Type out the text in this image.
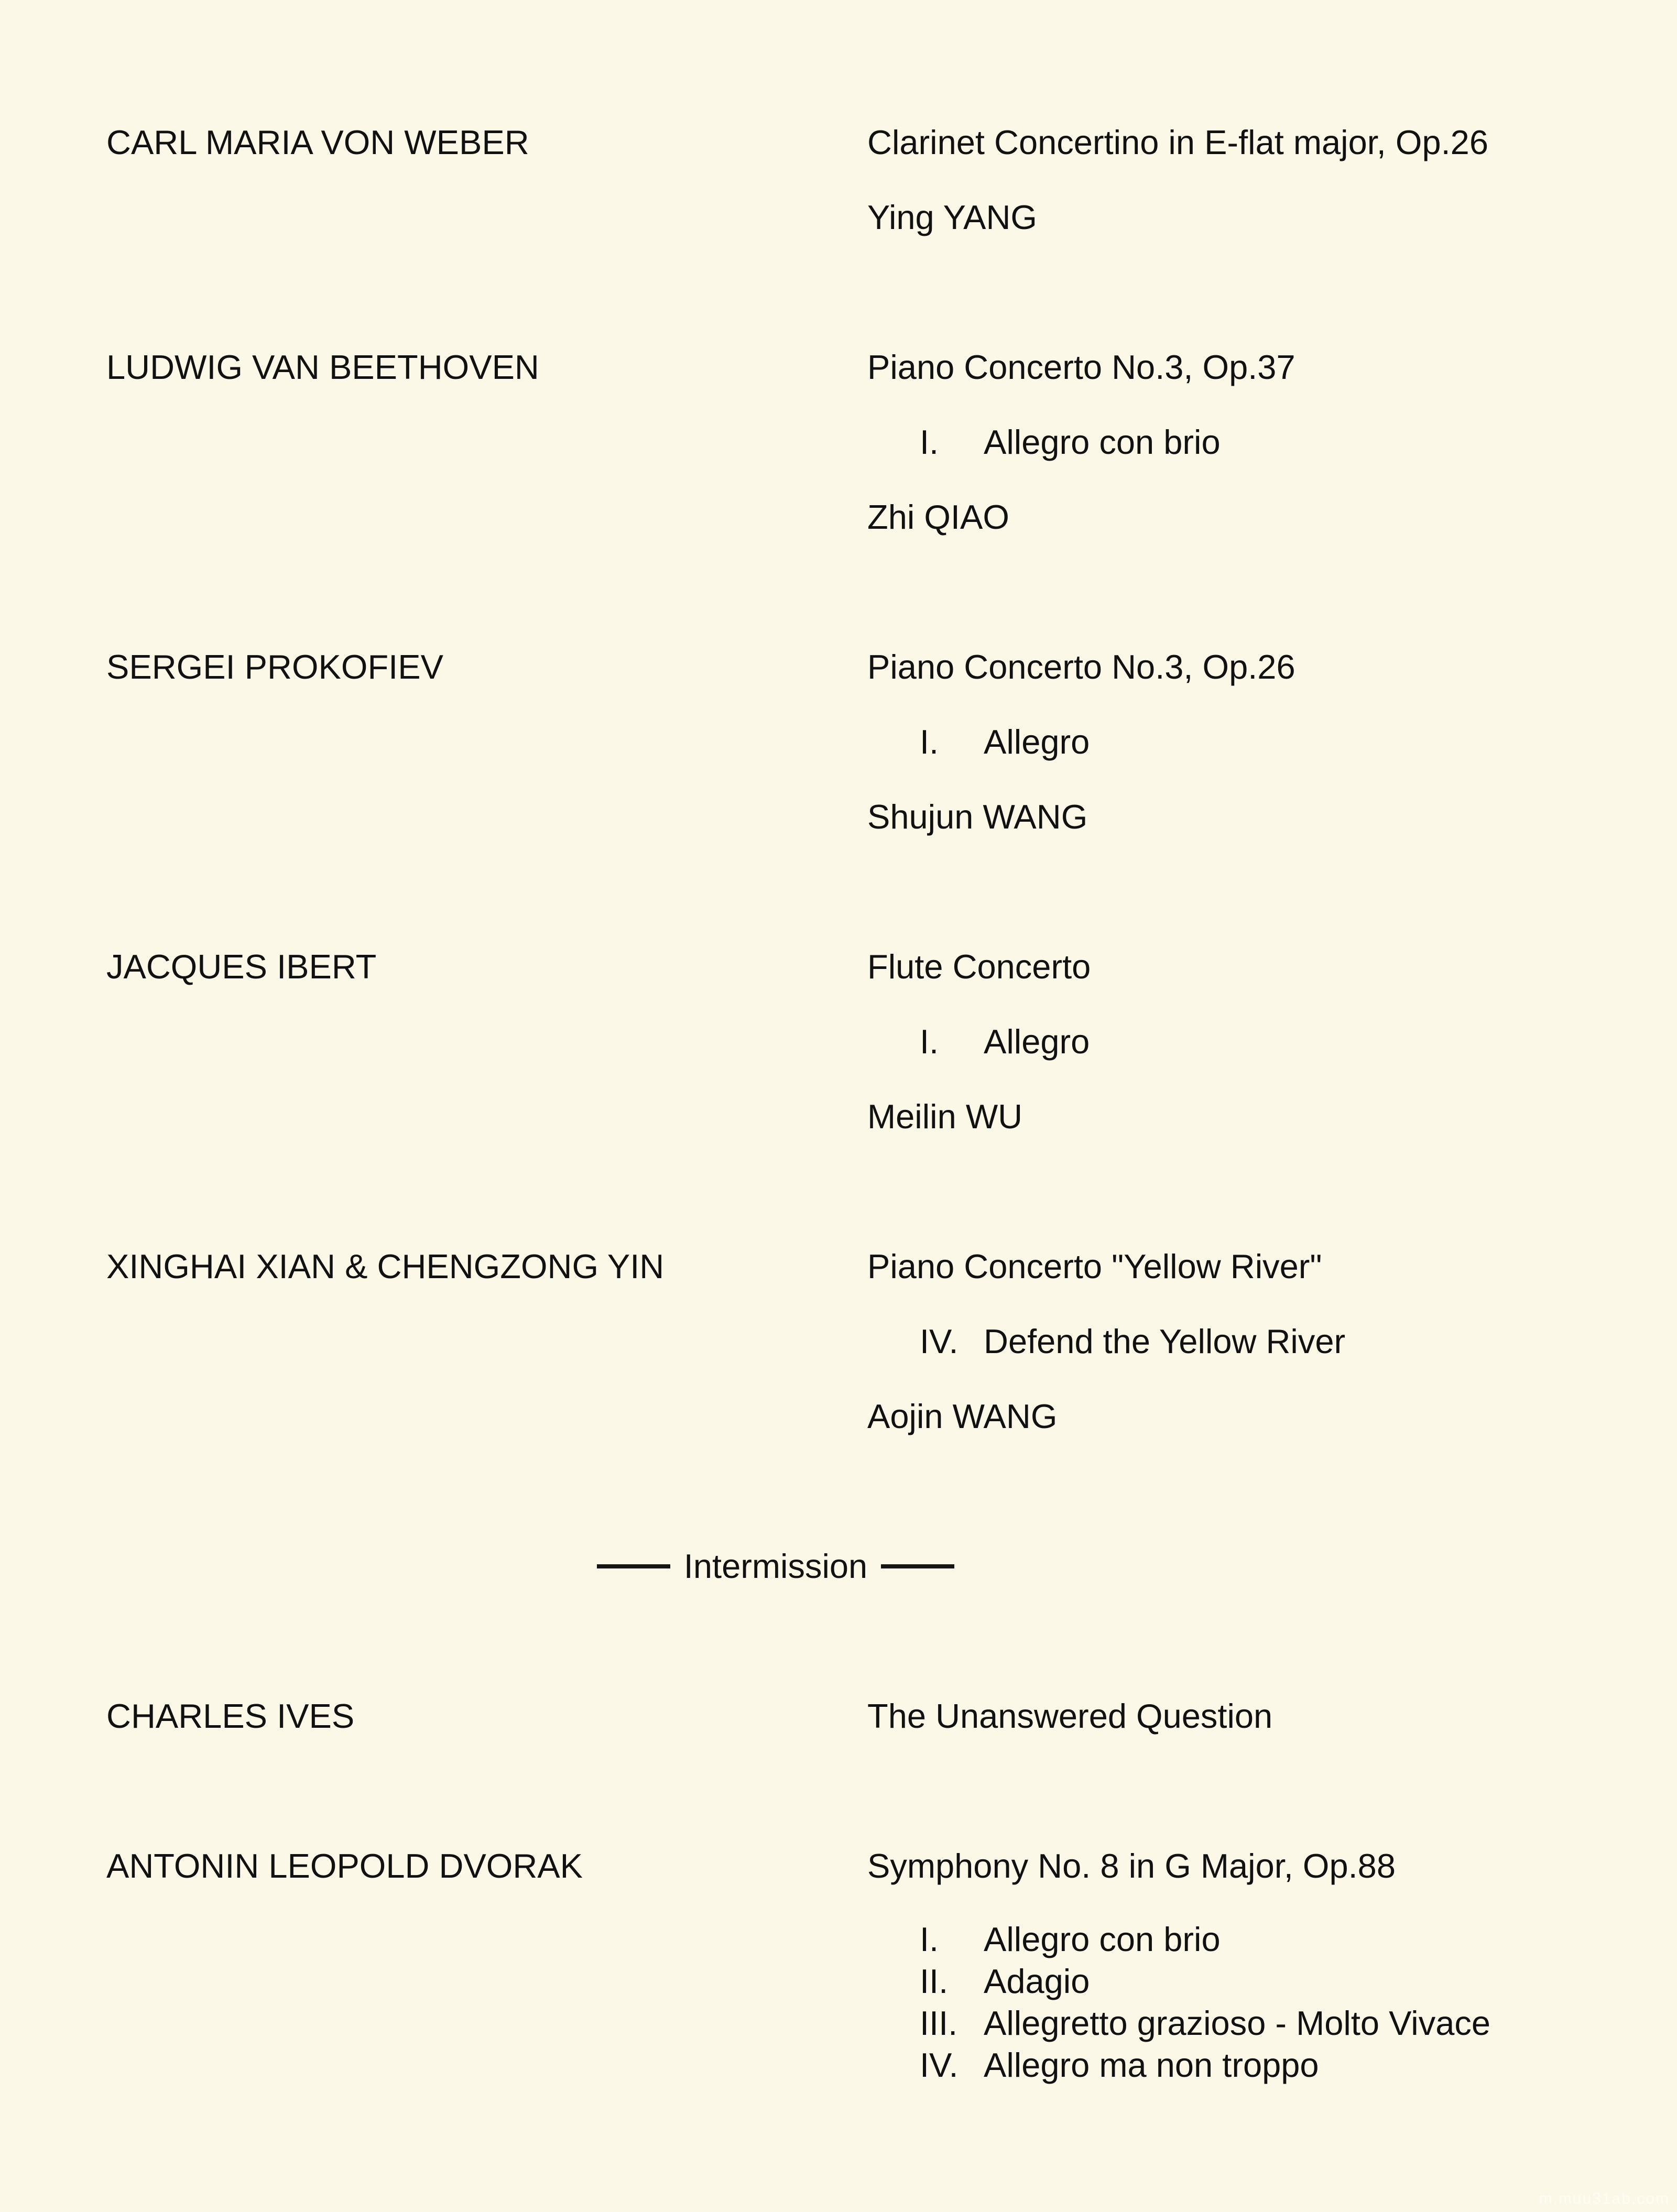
CARL MARIA VON WEBER	Clarinet Concertino in E-flat major, Op.26
Ying YANG
LUDWIG VAN BEETHOVEN	Piano Concerto No.3, Op.37
I. Allegro con brio
Zhi QIAO
SERGEI PROKOFIEV	Piano Concerto No.3, Op.26
I. Allegro
Shujun WANG
JACQUES IBERT	Flute Concerto
I. Allegro
Meilin WU
XINGHAI XIAN & CHENGZONG YIN	Piano Concerto "Yellow River"
IV. Defend the Yellow River
Aojin WANG
Intermission
CHARLES IVES	The Unanswered Question
ANTONIN LEOPOLD DVORAK	Symphony No. 8 in G Major, Op.88
I. Allegro con brio
II. Adagio
III. Allegretto grazioso - Molto Vivace
IV. Allegro ma non troppo
m.muu31ab.com
